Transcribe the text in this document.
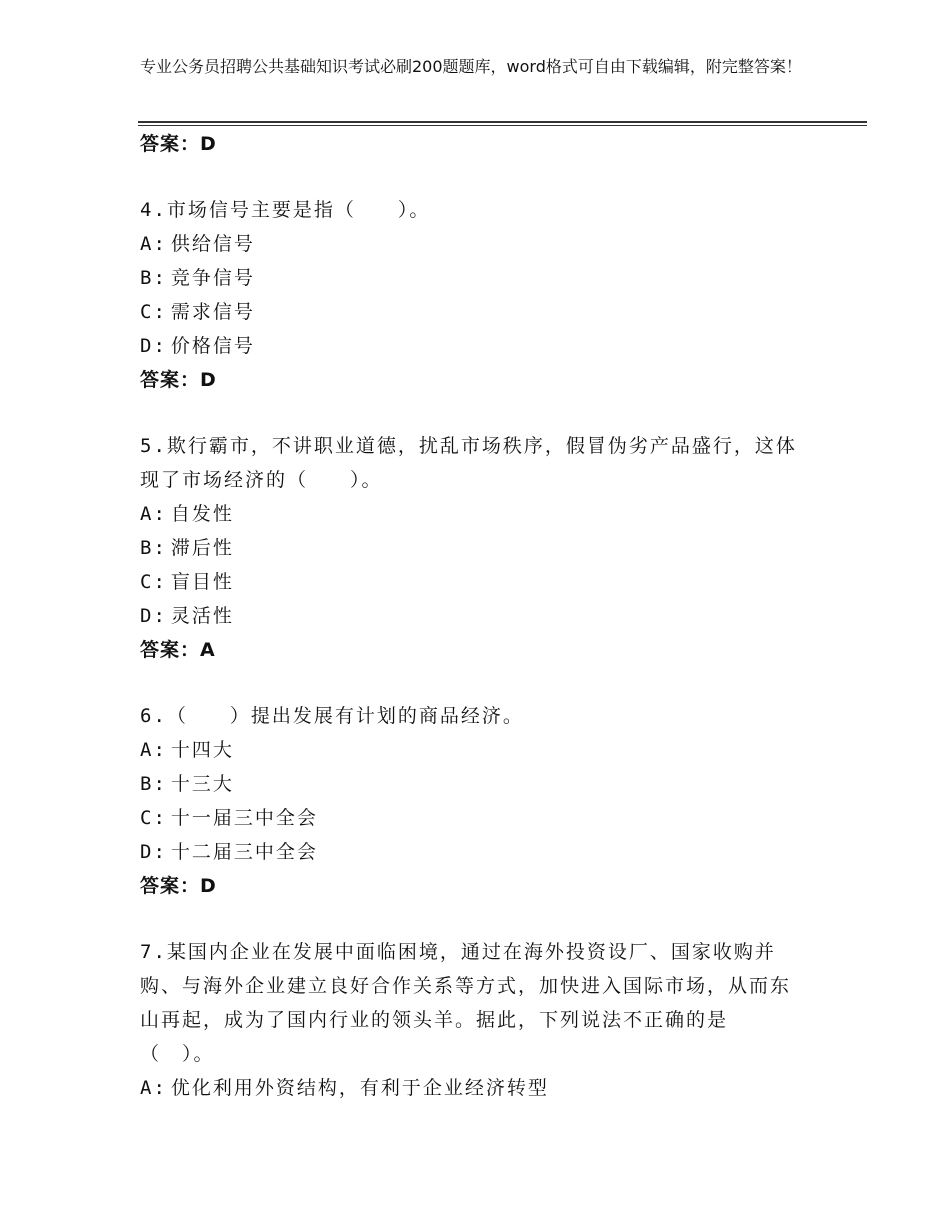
专业公务员招聘公共基础知识考试必刷200题题库，word格式可自由下载编辑，附完整答案！
答案：D
4.市场信号主要是指（　　）。
A: 供给信号
B: 竞争信号
C: 需求信号
D: 价格信号
答案：D
5.欺行霸市，不讲职业道德，扰乱市场秩序，假冒伪劣产品盛行，这体现了市场经济的（　　）。
A: 自发性
B: 滞后性
C: 盲目性
D: 灵活性
答案：A
6.（　　）提出发展有计划的商品经济。
A: 十四大
B: 十三大
C: 十一届三中全会
D: 十二届三中全会
答案：D
7.某国内企业在发展中面临困境，通过在海外投资设厂、国家收购并购、与海外企业建立良好合作关系等方式，加快进入国际市场，从而东山再起，成为了国内行业的领头羊。据此，下列说法不正确的是（　）。
A: 优化利用外资结构，有利于企业经济转型
